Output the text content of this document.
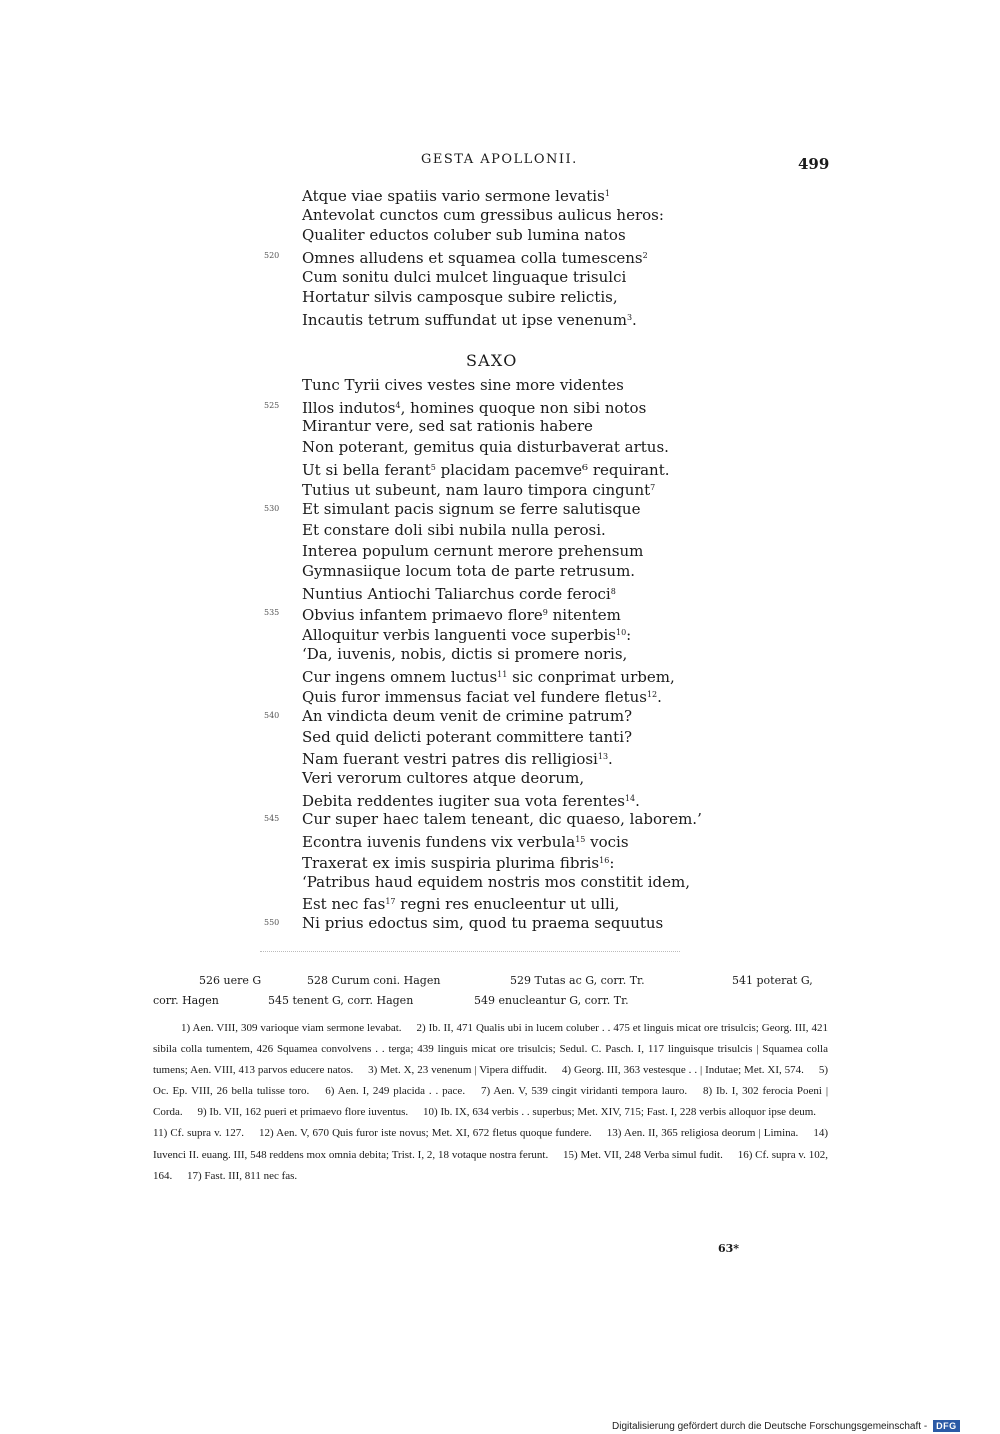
GESTA APOLLONII.	499
Atque viae spatiis vario sermone levatis$^1$
Antevolat cunctos cum gressibus aulicus heros:
Qualiter eductos coluber sub lumina natos
520 Omnes alludens et squamea colla tumescens$^2$
Cum sonitu dulci mulcet linguaque trisulci
Hortatur silvis camposque subire relictis,
Incautis tetrum suffundat ut ipse venenum$^3$.
SAXO
Tunc Tyrii cives vestes sine more videntes
525 Illos indutos$^4$, homines quoque non sibi notos
Mirantur vere, sed sat rationis habere
Non poterant, gemitus quia disturbaverat artus.
Ut si bella ferant$^5$ placidam pacemve⁶ requirant.
Tutius ut subeunt, nam lauro timpora cingunt$^7$
530 Et simulant pacis signum se ferre salutisque
Et constare doli sibi nubila nulla perosi.
Interea populum cernunt merore prehensum
Gymnasiique locum tota de parte retrusum.
Nuntius Antiochi Taliarchus corde feroci$^8$
535 Obvius infantem primaevo flore$^9$ nitentem
Alloquitur verbis languenti voce superbis$^{10}$:
‘Da, iuvenis, nobis, dictis si promere noris,
Cur ingens omnem luctus$^{11}$ sic conprimat urbem,
Quis furor immensus faciat vel fundere fletus$^{12}$.
540 An vindicta deum venit de crimine patrum?
Sed quid delicti poterant committere tanti?
Nam fuerant vestri patres dis relligiosi$^{13}$.
Veri verorum cultores atque deorum,
Debita reddentes iugiter sua vota ferentes$^{14}$.
545 Cur super haec talem teneant, dic quaeso, laborem.’
Econtra iuvenis fundens vix verbula$^{15}$ vocis
Traxerat ex imis suspiria plurima fibris$^{16}$:
‘Patribus haud equidem nostris mos constitit idem,
Est nec fas$^{17}$ regni res enucleentur ut ulli,
550 Ni prius edoctus sim, quod tu praema sequutus
526 uere G	528 Curum coni. Hagen	529 Tutas ac G, corr. Tr.	541 poterat G,
corr. Hagen	545 tenent G, corr. Hagen	549 enucleantur G, corr. Tr.

1) Aen. VIII, 309 varioque viam sermone levabat. 2) Ib. II, 471 Qualis ubi in lucem coluber . . 475 et linguis micat ore trisulcis; Georg. III, 421 sibila colla tumentem, 426 Squamea convolvens . . terga; 439 linguis micat ore trisulcis; Sedul. C. Pasch. I, 117 linguisque trisulcis | Squamea colla tumens; Aen. VIII, 413 parvos educere natos. 3) Met. X, 23 venenum | Vipera diffudit. 4) Georg. III, 363 vestesque . . | Indutae; Met. XI, 574. 5) Oc. Ep. VIII, 26 bella tulisse toro. 6) Aen. I, 249 placida . . pace. 7) Aen. V, 539 cingit viridanti tempora lauro. 8) Ib. I, 302 ferocia Poeni | Corda. 9) Ib. VII, 162 pueri et primaevo flore iuventus. 10) Ib. IX, 634 verbis . . superbus; Met. XIV, 715; Fast. I, 228 verbis alloquor ipse deum. 11) Cf. supra v. 127. 12) Aen. V, 670 Quis furor iste novus; Met. XI, 672 fletus quoque fundere. 13) Aen. II, 365 religiosa deorum | Limina. 14) Iuvenci II. euang. III, 548 reddens mox omnia debita; Trist. I, 2, 18 votaque nostra ferunt. 15) Met. VII, 248 Verba simul fudit. 16) Cf. supra v. 102, 164. 17) Fast. III, 811 nec fas.

63*
Digitalisierung gefördert durch die Deutsche Forschungsgemeinschaft -	DFG
